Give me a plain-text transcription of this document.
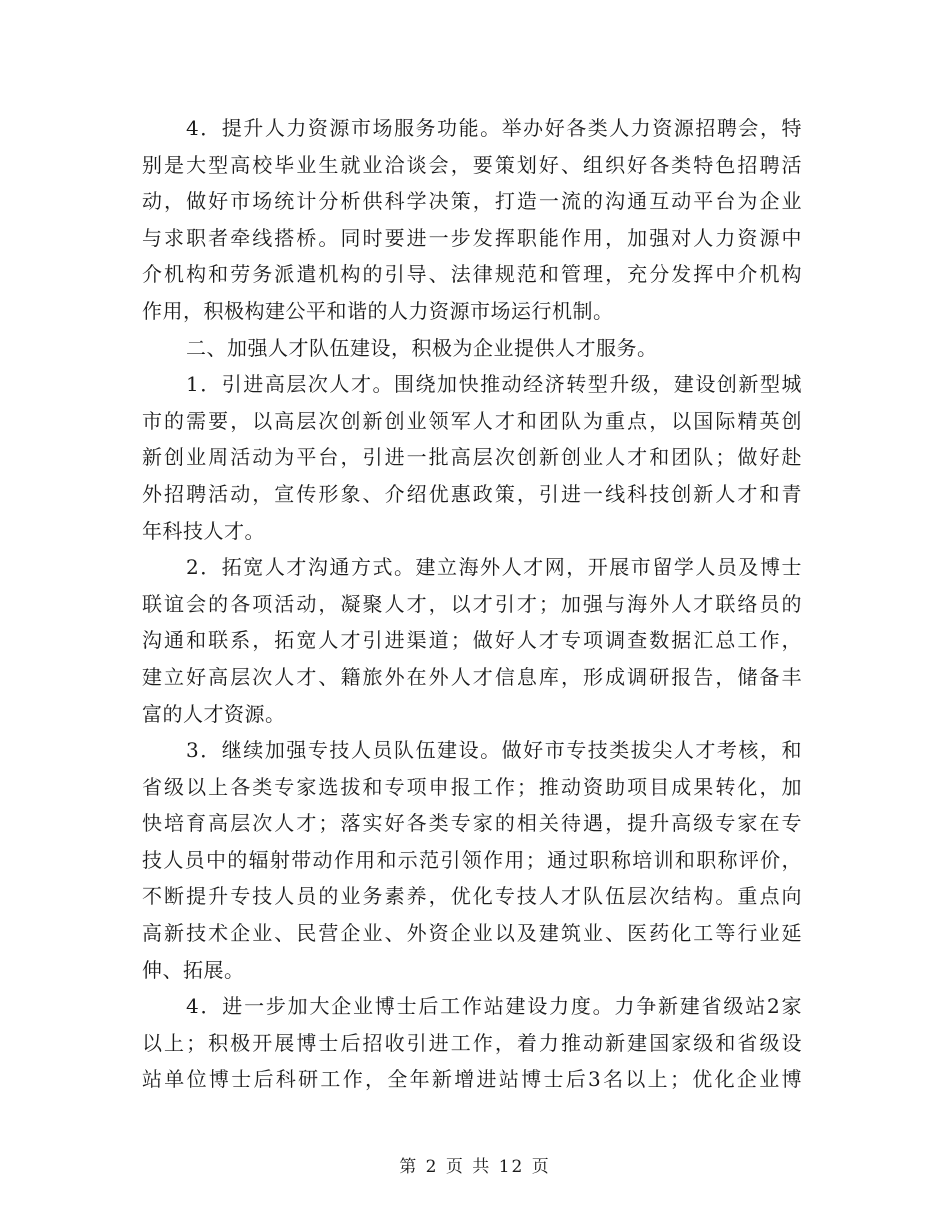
4．提升人力资源市场服务功能。举办好各类人力资源招聘会，特
别是大型高校毕业生就业洽谈会，要策划好、组织好各类特色招聘活
动，做好市场统计分析供科学决策，打造一流的沟通互动平台为企业
与求职者牵线搭桥。同时要进一步发挥职能作用，加强对人力资源中
介机构和劳务派遣机构的引导、法律规范和管理，充分发挥中介机构
作用，积极构建公平和谐的人力资源市场运行机制。
二、加强人才队伍建设，积极为企业提供人才服务。
1．引进高层次人才。围绕加快推动经济转型升级，建设创新型城
市的需要，以高层次创新创业领军人才和团队为重点，以国际精英创
新创业周活动为平台，引进一批高层次创新创业人才和团队；做好赴
外招聘活动，宣传形象、介绍优惠政策，引进一线科技创新人才和青
年科技人才。
2．拓宽人才沟通方式。建立海外人才网，开展市留学人员及博士
联谊会的各项活动，凝聚人才，以才引才；加强与海外人才联络员的
沟通和联系，拓宽人才引进渠道；做好人才专项调查数据汇总工作，
建立好高层次人才、籍旅外在外人才信息库，形成调研报告，储备丰
富的人才资源。
3．继续加强专技人员队伍建设。做好市专技类拔尖人才考核，和
省级以上各类专家选拔和专项申报工作；推动资助项目成果转化，加
快培育高层次人才；落实好各类专家的相关待遇，提升高级专家在专
技人员中的辐射带动作用和示范引领作用；通过职称培训和职称评价，
不断提升专技人员的业务素养，优化专技人才队伍层次结构。重点向
高新技术企业、民营企业、外资企业以及建筑业、医药化工等行业延
伸、拓展。
4．进一步加大企业博士后工作站建设力度。力争新建省级站2家
以上；积极开展博士后招收引进工作，着力推动新建国家级和省级设
站单位博士后科研工作，全年新增进站博士后3名以上；优化企业博
第 2 页 共 12 页
